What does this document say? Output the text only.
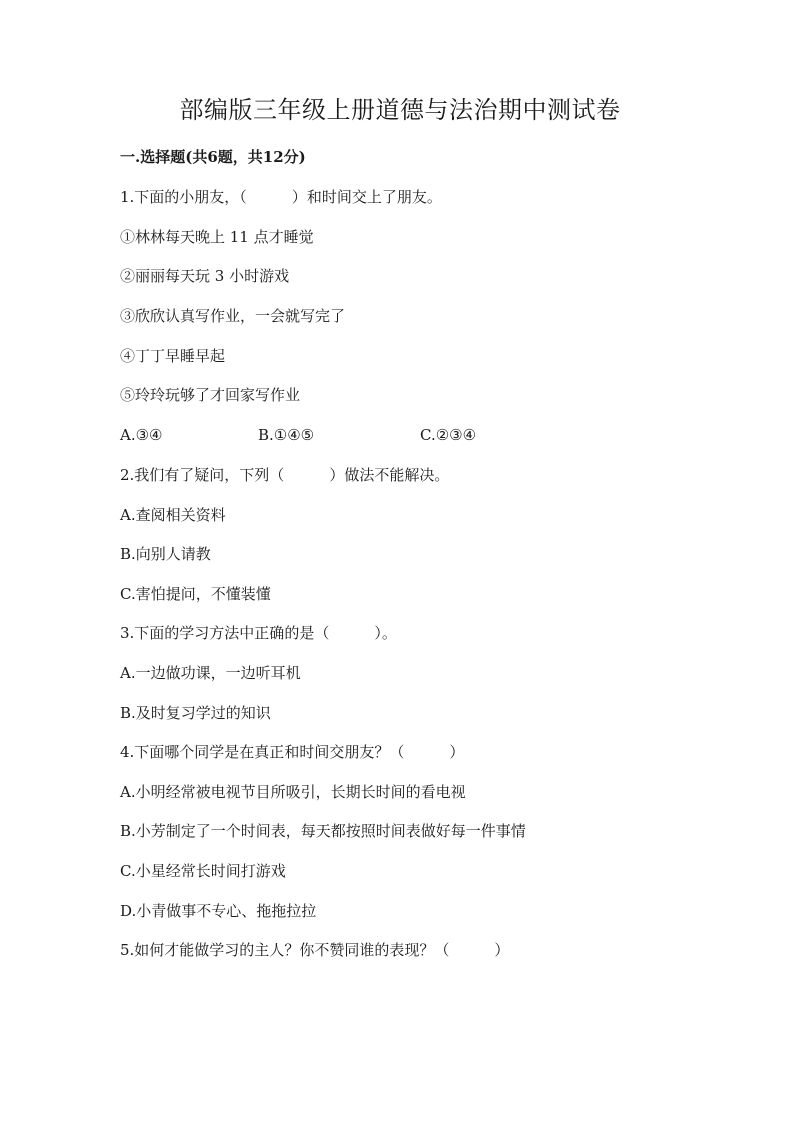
部编版三年级上册道德与法治期中测试卷
一.选择题(共6题，共12分)
1.下面的小朋友，（　　　）和时间交上了朋友。
①林林每天晚上 11 点才睡觉
②丽丽每天玩 3 小时游戏
③欣欣认真写作业，一会就写完了
④丁丁早睡早起
⑤玲玲玩够了才回家写作业
A.③④	B.①④⑤	C.②③④
2.我们有了疑问，下列（　　　）做法不能解决。
A.查阅相关资料
B.向别人请教
C.害怕提问，不懂装懂
3.下面的学习方法中正确的是（　　　）。
A.一边做功课，一边听耳机
B.及时复习学过的知识
4.下面哪个同学是在真正和时间交朋友？（　　　）
A.小明经常被电视节目所吸引，长期长时间的看电视
B.小芳制定了一个时间表，每天都按照时间表做好每一件事情
C.小星经常长时间打游戏
D.小青做事不专心、拖拖拉拉
5.如何才能做学习的主人？你不赞同谁的表现？（　　　）
